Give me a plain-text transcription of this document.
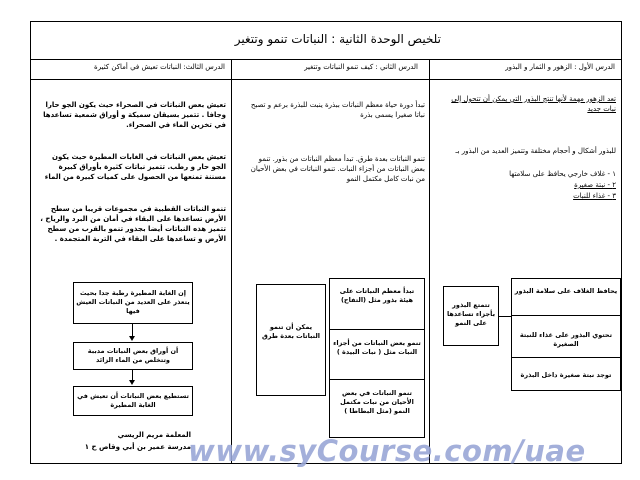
تلخيص الوحدة الثانية : النباتات تنمو وتتغير
الدرس الأول : الزهور و الثمار و البذور
الدرس الثاني : كيف تنمو النباتات وتتغير
الدرس الثالث: النباتات تعيش في أماكن كثيرة
تعد الزهور مهمة لأنها تنتج البذور التي يمكن أن تتحول إلى نبات جديد
للبذور أشكال و أحجام مختلفة وتتميز العديد من البذور بـ
١ - غلاف خارجي يحافظ على سلامتها
٢ - نبتة صغيرة
٣ - غذاء للنبات
تتمتع البذور بأجزاء تساعدها على النمو
يحافظ الغلاف على سلامة البذور
تحتوي البذور على غذاء للنبتة الصغيرة
توجد نبتة صغيرة داخل البذرة
تبدأ دورة حياة معظم النباتات ببذرة ينبت للبذرة برعم و تصبح نباتا صغيرا يسمى بذرة
تنمو النباتات بعدة طرق. تبدأ معظم النباتات من بذور. تنمو بعض النباتات من أجزاء النبات. تنمو النباتات في بعض الأحيان من نبات كامل مكتمل النمو
يمكن أن تنمو النباتات بعدة طرق
تبدأ معظم النباتات على هيئة بذور مثل (التفاح)
تنمو بعض النباتات من أجزاء النبات مثل ( نبات البيدة )
تنمو النباتات في بعض الأحيان من نبات مكتمل النمو (مثل البطاطا )
تعيش بعض النباتات في الصحراء حيث يكون الجو حارا وجافا . تتميز بسيقان سميكة و أوراق شمعية تساعدها في تخزين الماء في الصحراء.
تعيش بعض النباتات في الغابات المطيرة حيث يكون الجو حار و رطب. تتميز نباتات كثيرة بأوراق كبيرة مسننة تمنعها من الحصول على كميات كبيرة من الماء
تنمو النباتات القطبية في مجموعات قريبا من سطح الأرض تساعدها على البقاء في أمان من البرد والرياح ، تتميز هذه النباتات أيضا بجذور تنمو بالقرب من سطح الأرض و تساعدها على البقاء في التربة المتجمدة .
إن الغابة المطيرة رطبة جدا بحيث يتعذر على العديد من النباتات العيش فيها
أن أوراق بعض النباتات مدببة وتتخلص من الماء الزائد
تستطيع بعض النباتات أن تعيش في الغابة المطيرة
المعلمة مريم الريسي
مدرسة عمير بن أبي وقاص ح ١
www.syCourse.com/uae
